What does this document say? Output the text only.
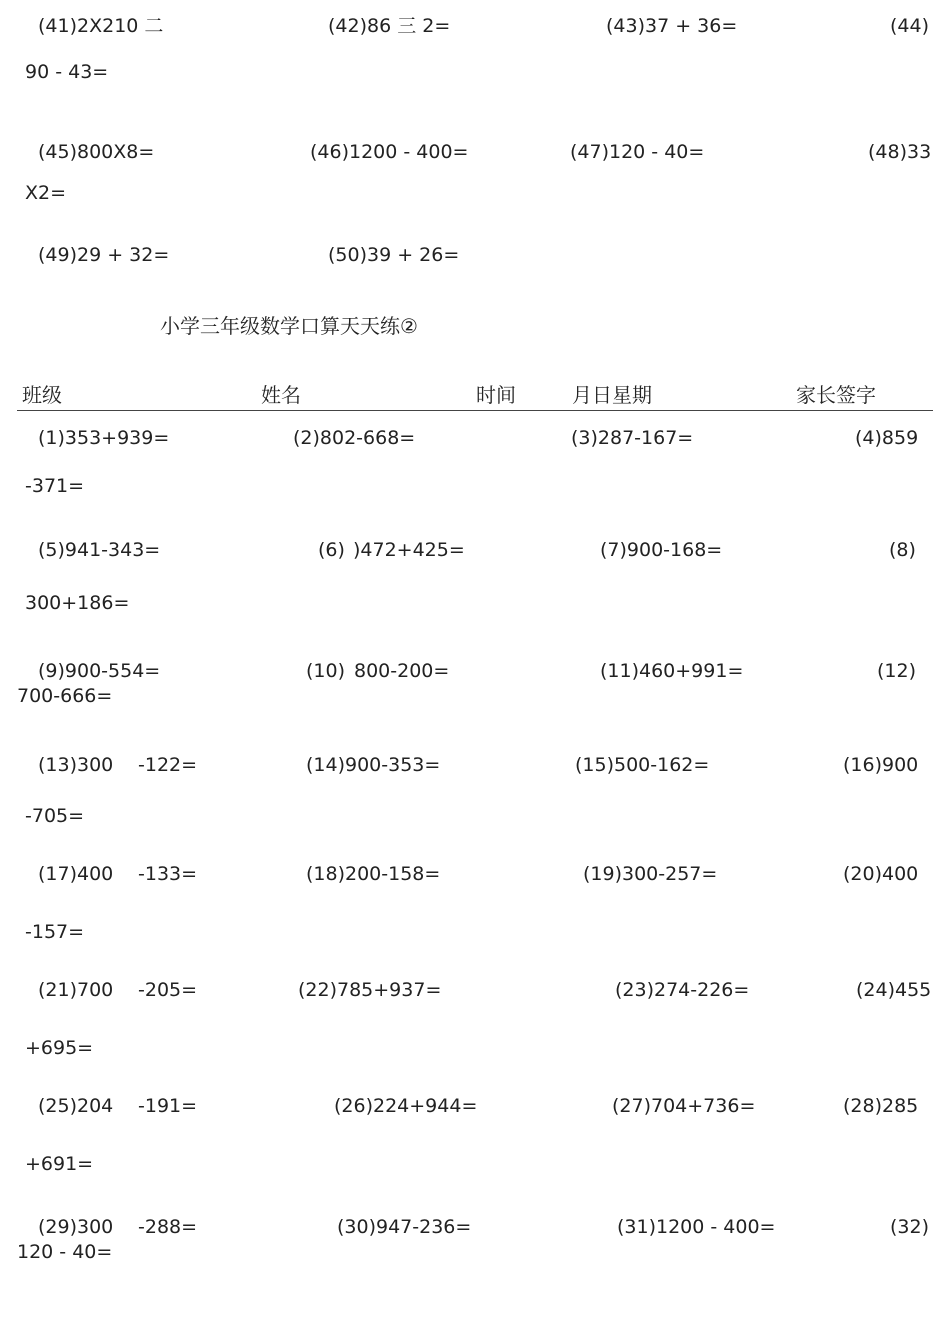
(41)2X210 二	(42)86 三 2=	(43)37 + 36=	(44)
90 - 43=
(45)800X8=	(46)1200 - 400=	(47)120 - 40=	(48)33
X2=
(49)29 + 32=	(50)39 + 26=
小学三年级数学口算天天练②
班级	姓名	时间	月日星期	家长签字
(1)353+939=	(2)802-668=	(3)287-167=	(4)859
-371=
(5)941-343=	(6) )472+425=	(7)900-168=	(8)
300+186=
(9)900-554=	(10) 800-200=	(11)460+991=	(12)
700-666=
(13)300 -122=	(14)900-353=	(15)500-162=	(16)900
-705=
(17)400 -133=	(18)200-158=	(19)300-257=	(20)400
-157=
(21)700 -205=	(22)785+937=	(23)274-226=	(24)455
+695=
(25)204 -191=	(26)224+944=	(27)704+736=	(28)285
+691=
(29)300 -288=	(30)947-236=	(31)1200 - 400=	(32)
120 - 40=
